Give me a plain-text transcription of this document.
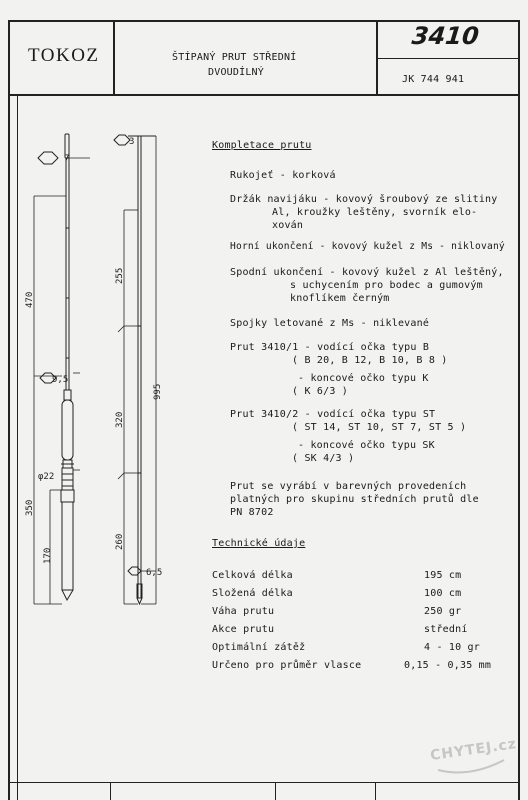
TOKOZ	ŠTÍPANÝ PRUT STŘEDNÍ
DVOUDÍLNÝ
3410
JK 744 941
7
9,5
φ22
470
350
170
3
6,5
255
320
260
995
Kompletace prutu
Rukojeť - korková
Držák navijáku - kovový šroubový ze slitiny
Al, kroužky leštěny, svorník elo-
xován
Horní ukončení - kovový kužel z Ms - niklovaný
Spodní ukončení - kovový kužel z Al leštěný,
s uchycením pro bodec a gumovým
knoflíkem černým
Spojky letované z Ms - niklevané
Prut 3410/1 - vodící očka typu B
( B 20, B 12, B 10, B 8 )
- koncové očko typu K
( K 6/3 )
Prut 3410/2 - vodící očka typu ST
( ST 14, ST 10, ST 7, ST 5 )
- koncové očko typu SK
( SK 4/3 )
Prut se vyrábí v barevných provedeních
platných pro skupinu středních prutů dle
PN 8702
Technické údaje
Celková délka	195 cm
Složená délka	100 cm
Váha prutu	250 gr
Akce prutu	střední
Optimální zátěž	4 - 10 gr
Určeno pro průměr vlasce	0,15 - 0,35 mm
CHYTEJ.cz
